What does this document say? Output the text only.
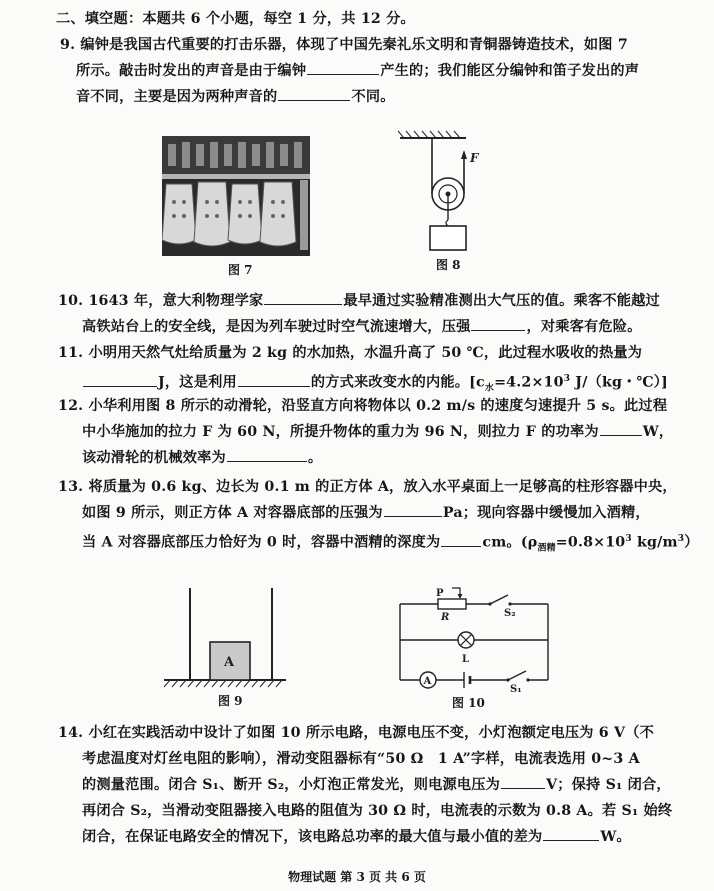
二、填空题：本题共 6 个小题，每空 1 分，共 12 分。
9. 编钟是我国古代重要的打击乐器，体现了中国先秦礼乐文明和青铜器铸造技术，如图 7
所示。敲击时发出的声音是由于编钟	产生的；我们能区分编钟和笛子发出的声
音不同，主要是因为两种声音的	不同。
图 7
F
图 8
10. 1643 年，意大利物理学家	最早通过实验精准测出大气压的值。乘客不能越过
高铁站台上的安全线，是因为列车驶过时空气流速增大，压强	，对乘客有危险。
11. 小明用天然气灶给质量为 2 kg 的水加热，水温升高了 50 ℃，此过程水吸收的热量为
J，这是利用	的方式来改变水的内能。[$c_水=4.2\times 10^3$ J/（kg・℃）]
12. 小华利用图 8 所示的动滑轮，沿竖直方向将物体以 0.2 m/s 的速度匀速提升 5 s。此过程
中小华施加的拉力 F 为 60 N，所提升物体的重力为 96 N，则拉力 F 的功率为	W，
该动滑轮的机械效率为	。
13. 将质量为 0.6 kg、边长为 0.1 m 的正方体 A，放入水平桌面上一足够高的柱形容器中央，
如图 9 所示，则正方体 A 对容器底部的压强为	Pa；现向容器中缓慢加入酒精，
当 A 对容器底部压力恰好为 0 时，容器中酒精的深度为	cm。($\rho_{酒精}=0.8\times 10^3$ $kg/m^3$）
A
图 9
P
R	S₂
L
A
S₁
图 10
14. 小红在实践活动中设计了如图 10 所示电路，电源电压不变，小灯泡额定电压为 6 V（不
考虑温度对灯丝电阻的影响），滑动变阻器标有“50 Ω　1 A”字样，电流表选用 0~3 A
的测量范围。闭合 S₁、断开 S₂，小灯泡正常发光，则电源电压为	V；保持 S₁ 闭合，
再闭合 S₂，当滑动变阻器接入电路的阻值为 30 Ω 时，电流表的示数为 0.8 A。若 S₁ 始终
闭合，在保证电路安全的情况下，该电路总功率的最大值与最小值的差为	W。
物理试题 第 3 页 共 6 页
